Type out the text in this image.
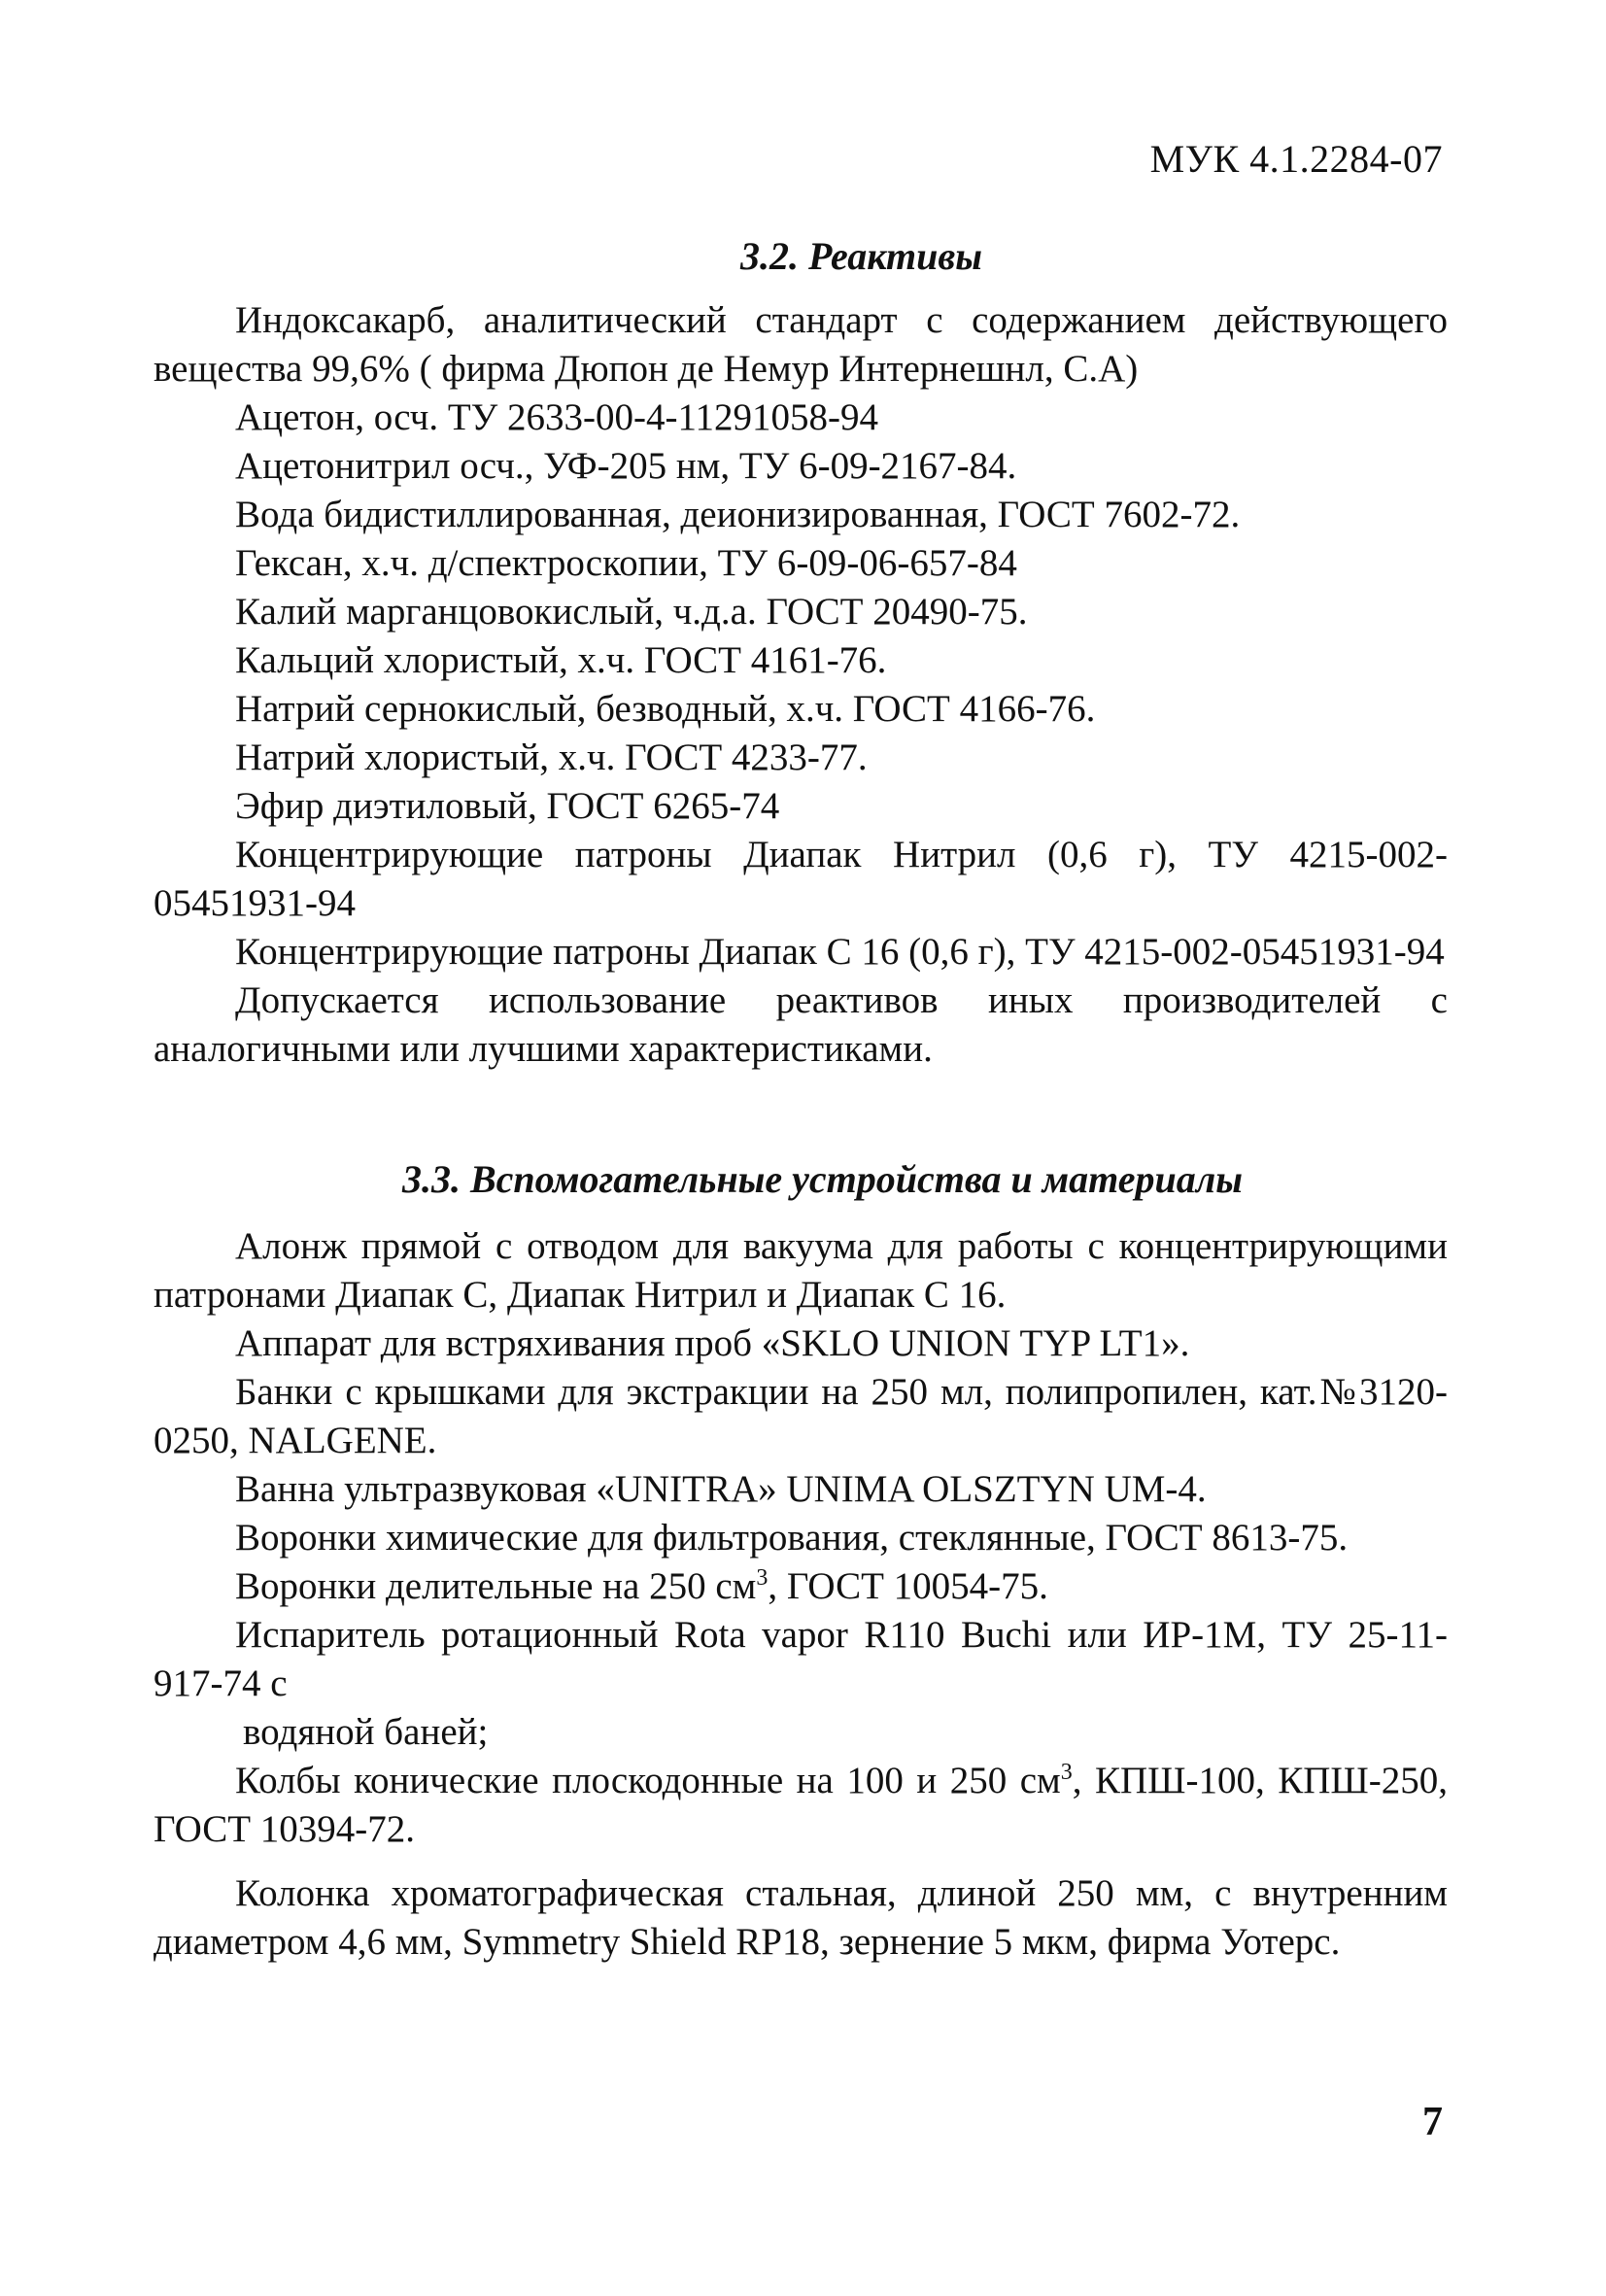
МУК 4.1.2284-07
3.2. Реактивы

Индоксакарб, аналитический стандарт с содержанием действующего вещества 99,6% ( фирма Дюпон де Немур Интернешнл, С.А)

Ацетон, осч. ТУ 2633-00-4-11291058-94

Ацетонитрил осч., УФ-205 нм, ТУ 6-09-2167-84.

Вода бидистиллированная, деионизированная, ГОСТ 7602-72.

Гексан, х.ч. д/спектроскопии, ТУ 6-09-06-657-84

Калий марганцовокислый, ч.д.а. ГОСТ 20490-75.

Кальций хлористый, х.ч. ГОСТ 4161-76.

Натрий сернокислый, безводный, х.ч. ГОСТ 4166-76.

Натрий хлористый, х.ч. ГОСТ 4233-77.

Эфир диэтиловый, ГОСТ 6265-74

Концентрирующие патроны Диапак Нитрил (0,6 г), ТУ 4215-002-05451931-94

Концентрирующие патроны Диапак С 16 (0,6 г), ТУ 4215-002-05451931-94

Допускается использование реактивов иных производителей с аналогичными или лучшими характеристиками.

3.3. Вспомогательные устройства и материалы

Алонж прямой с отводом для вакуума для работы с концентрирующими патронами Диапак С, Диапак Нитрил и Диапак С 16.

Аппарат для встряхивания проб «SKLO UNION TYP LT1».

Банки с крышками для экстракции на 250 мл, полипропилен, кат.№3120-0250, NALGENE.

Ванна ультразвуковая «UNITRA» UNIMA OLSZTYN UM-4.

Воронки химические для фильтрования, стеклянные, ГОСТ 8613-75.

Воронки делительные на 250 $см^3$, ГОСТ 10054-75.

Испаритель ротационный Rota vapor R110 Buchi или ИР-1М, ТУ 25-11-917-74 с

водяной баней;

Колбы конические плоскодонные на 100 и 250 $см^3$, КПШ-100, КПШ-250, ГОСТ 10394-72.

Колонка хроматографическая стальная, длиной 250 мм, с внутренним диаметром 4,6 мм, Symmetry Shield RP18, зернение 5 мкм, фирма Уотерс.

7
